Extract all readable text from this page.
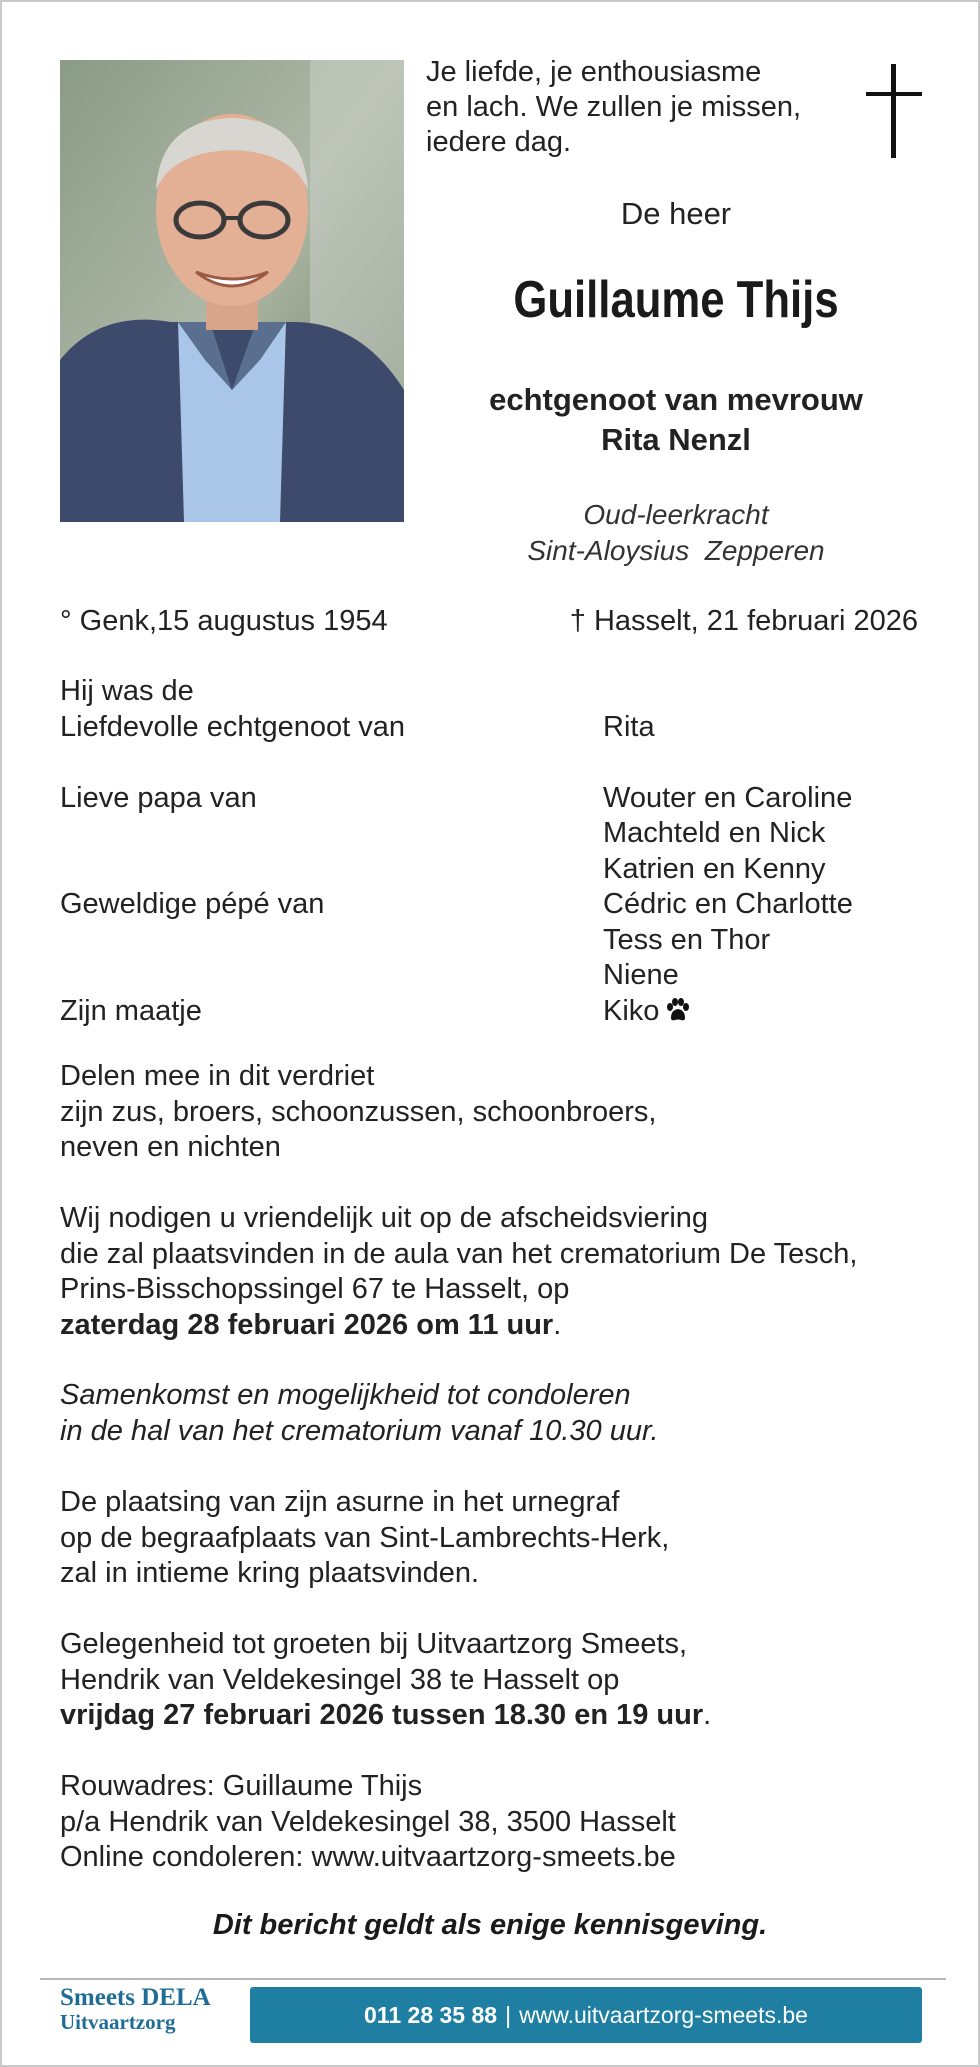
Je liefde, je enthousiasme
en lach. We zullen je missen,
iedere dag.
De heer
Guillaume Thijs
echtgenoot van mevrouw
Rita Nenzl
Oud-leerkracht
Sint-Aloysius  Zepperen
° Genk,15 augustus 1954	† Hasselt, 21 februari 2026
Hij was de
Liefdevolle echtgenoot van	Rita
Lieve papa van	Wouter en Caroline
Machteld en Nick
Katrien en Kenny
Geweldige pépé van	Cédric en Charlotte
Tess en Thor
Niene
Zijn maatje	Kiko
Delen mee in dit verdriet
zijn zus, broers, schoonzussen, schoonbroers,
neven en nichten
Wij nodigen u vriendelijk uit op de afscheidsviering
die zal plaatsvinden in de aula van het crematorium De Tesch,
Prins-Bisschopssingel 67 te Hasselt, op
zaterdag 28 februari 2026 om 11 uur.
Samenkomst en mogelijkheid tot condoleren
in de hal van het crematorium vanaf 10.30 uur.
De plaatsing van zijn asurne in het urnegraf
op de begraafplaats van Sint-Lambrechts-Herk,
zal in intieme kring plaatsvinden.
Gelegenheid tot groeten bij Uitvaartzorg Smeets,
Hendrik van Veldekesingel 38 te Hasselt op
vrijdag 27 februari 2026 tussen 18.30 en 19 uur.
Rouwadres: Guillaume Thijs
p/a Hendrik van Veldekesingel 38, 3500 Hasselt
Online condoleren: www.uitvaartzorg-smeets.be
Dit bericht geldt als enige kennisgeving.
Smeets DELA
Uitvaartzorg	011 28 35 88 | www.uitvaartzorg-smeets.be
